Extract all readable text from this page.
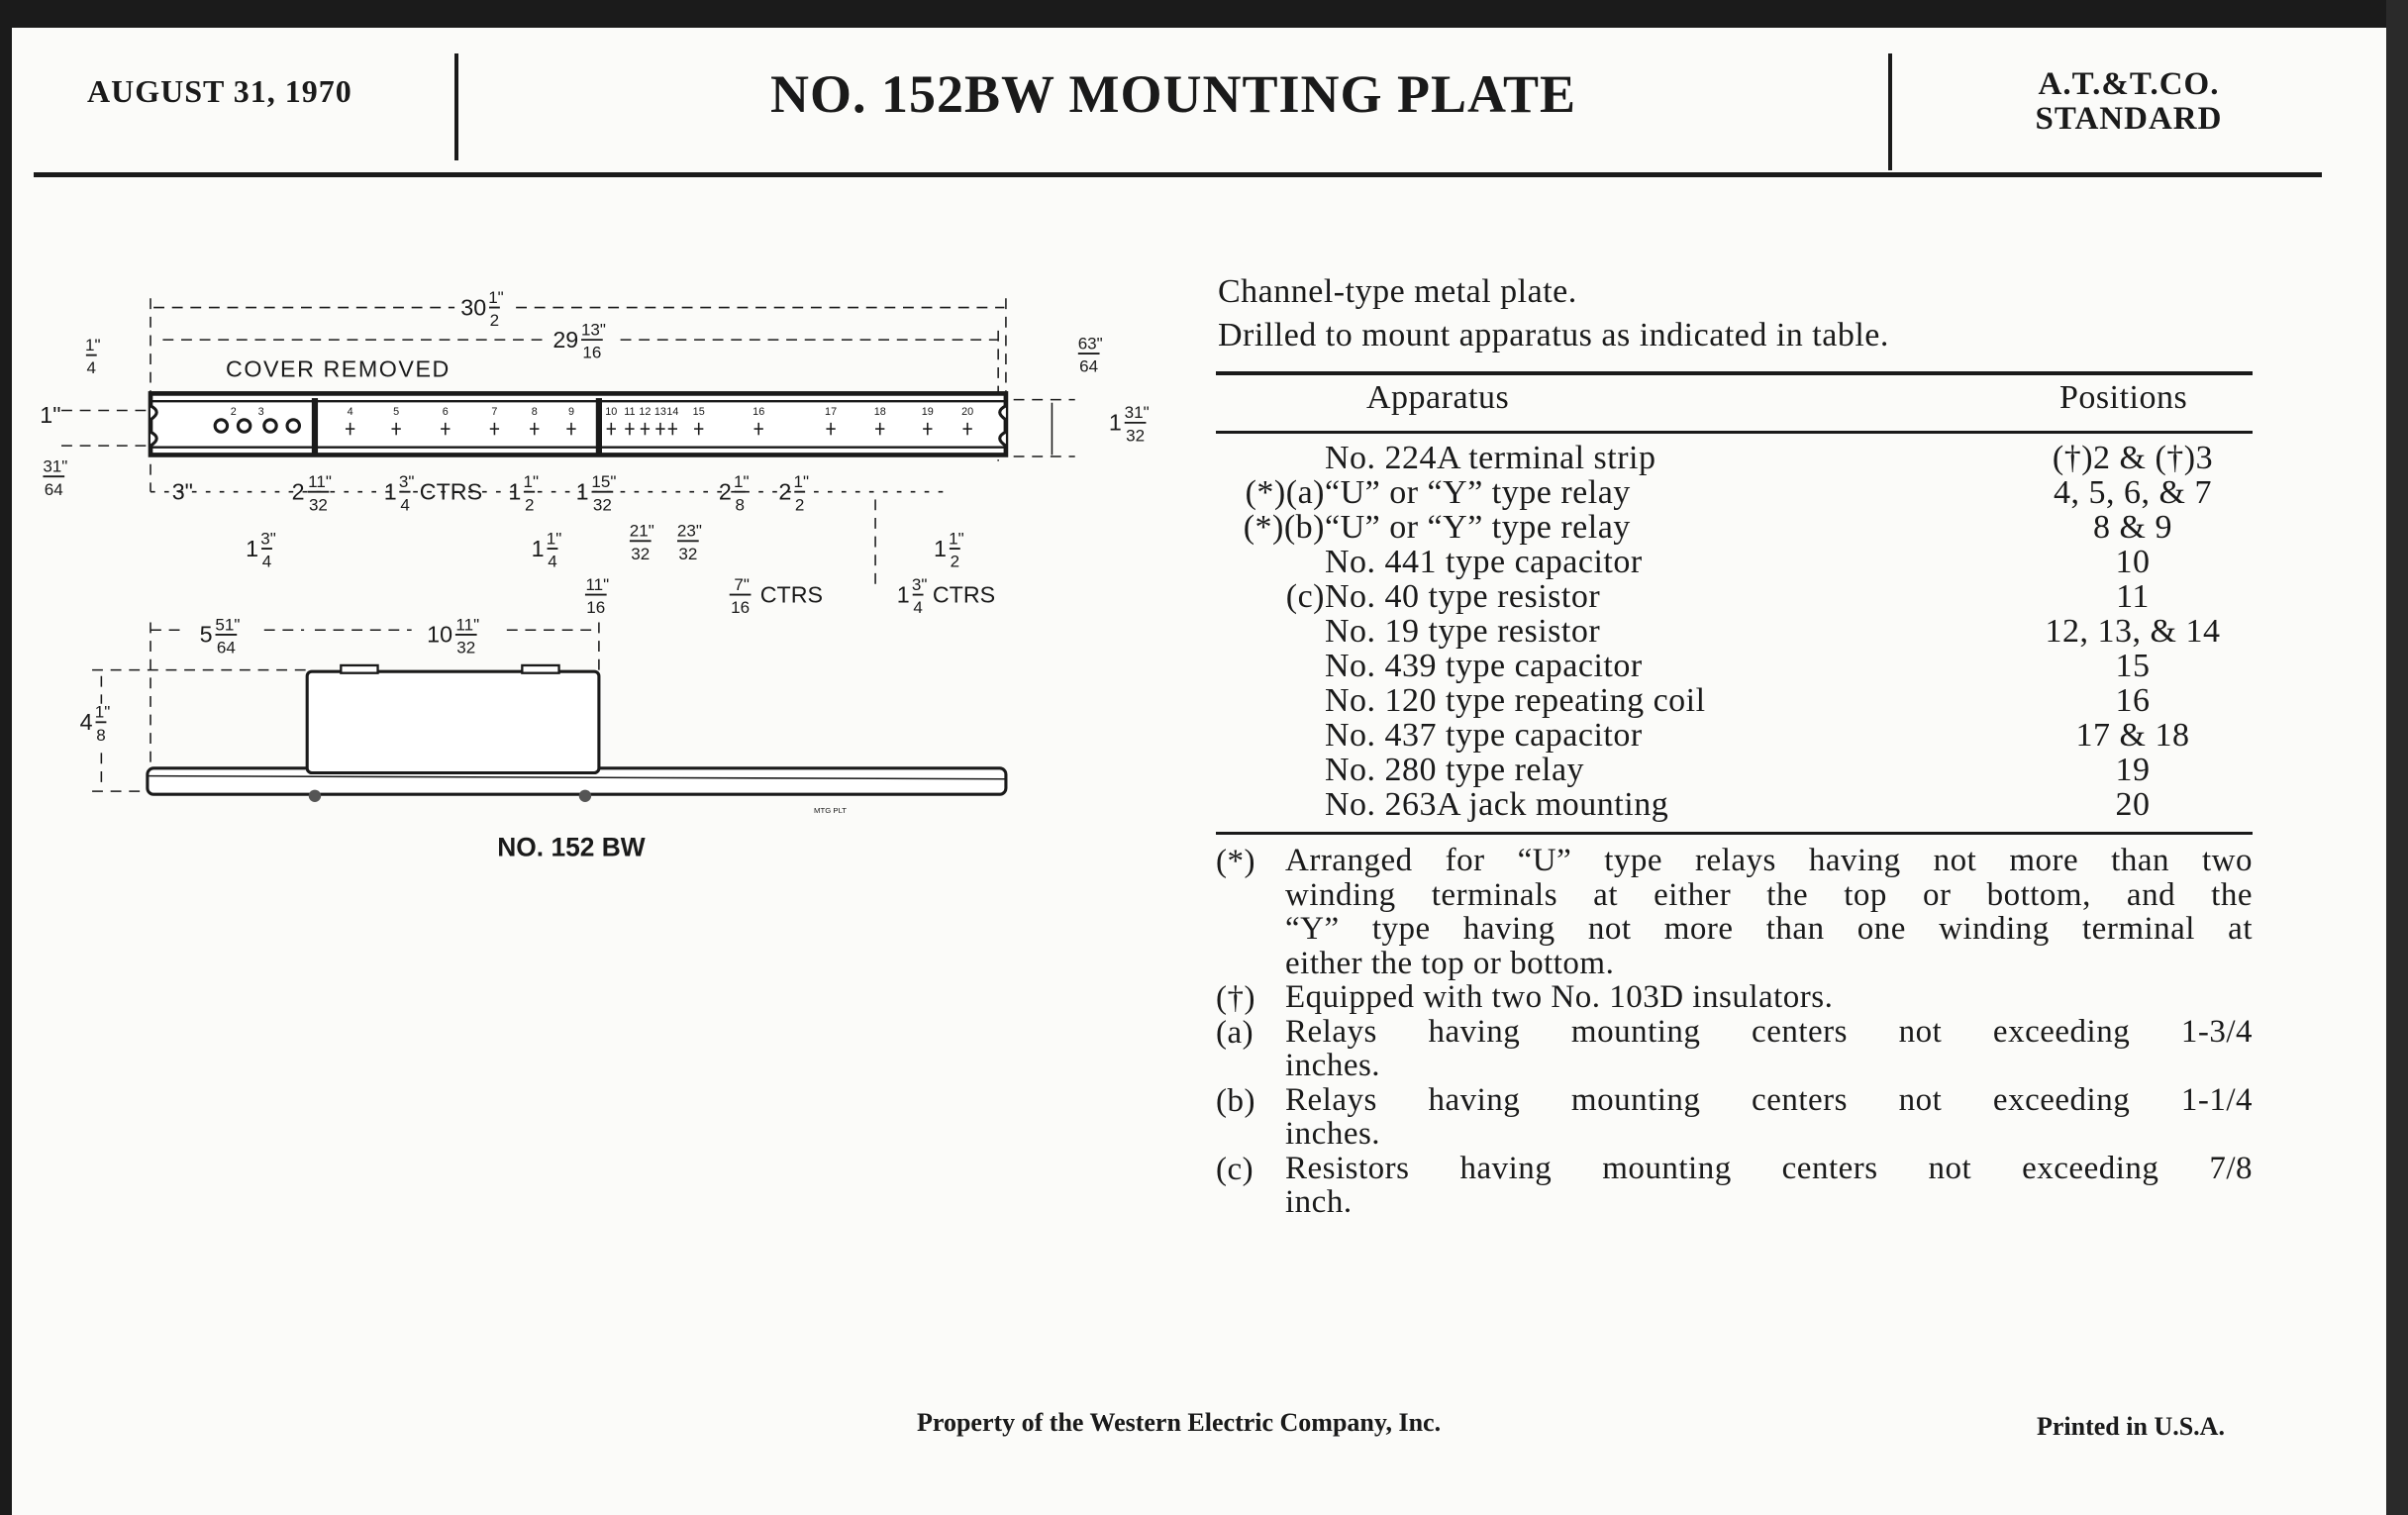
AUGUST 31, 1970	NO. 152BW MOUNTING PLATE	A.T.&T.CO.
STANDARD
Channel-type metal plate.
Drilled to mount apparatus as indicated in table.
Apparatus	Positions
No. 224A terminal strip	(†)2 & (†)3
(*)(a) “U” or “Y” type relay	4, 5, 6, & 7
(*)(b) “U” or “Y” type relay	8 & 9
No. 441 type capacitor	10
(c) No. 40 type resistor	11
No. 19 type resistor	12, 13, & 14
No. 439 type capacitor	15
No. 120 type repeating coil	16
No. 437 type capacitor	17 & 18
No. 280 type relay	19
No. 263A jack mounting	20
(*) Arranged for “U” type relays having not more than two
winding terminals at either the top or bottom, and the
“Y” type having not more than one winding terminal at
either the top or bottom.
(†) Equipped with two No. 103D insulators.
(a) Relays having mounting centers not exceeding 1-3/4
inches.
(b) Relays having mounting centers not exceeding 1-1/4
inches.
(c) Resistors having mounting centers not exceeding 7/8
inch.
Property of the Western Electric Company, Inc.	Printed in U.S.A.
2	3	4	5	6	7	8	9	10 11 12 13 14 15	16	17	18	19	20
COVER REMOVED
MTG PLT
NO. 152 BW
30 1"
2
29 13"
16
1"
4
1"
31"
64
63"
64
1 31"
32
3"	2 11"
32
1 3"
4
CTRS 1 1"
2
1 15"
32
2 1"
8
2 1"
2
1 3"
4
1 1"
4
21"
32
23"
32	1 1"
2
11"
16
7"
16
CTRS	1 3"
4
CTRS
5 51"
64
10 11"
32
4 1"
8
